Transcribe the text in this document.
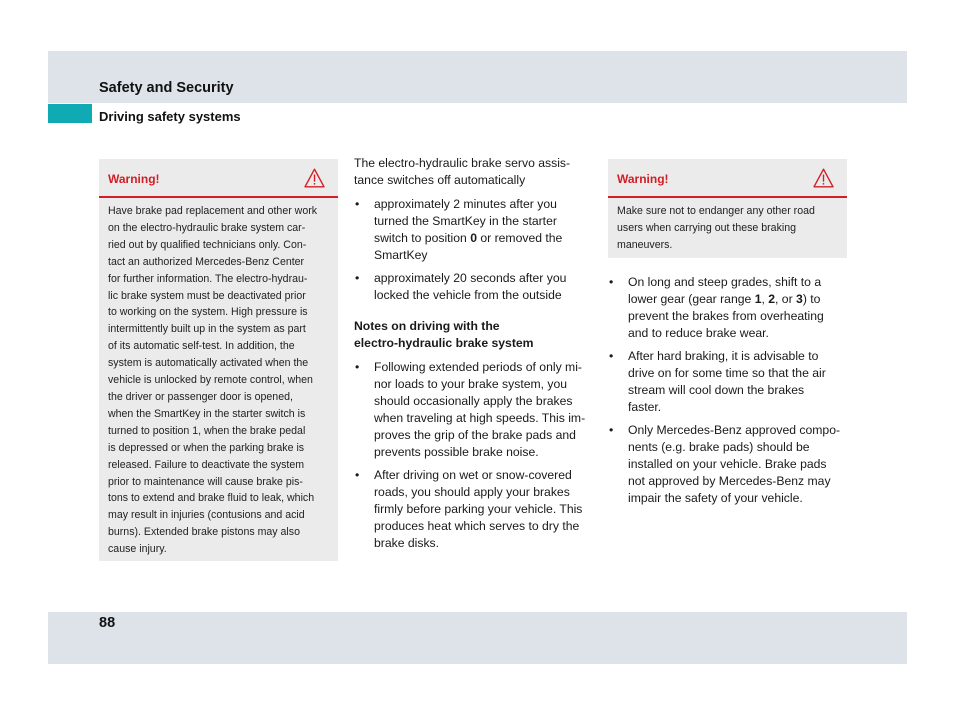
Safety and Security
Driving safety systems
Warning!
Have brake pad replacement and other work
on the electro-hydraulic brake system car-
ried out by qualified technicians only. Con-
tact an authorized Mercedes-Benz Center
for further information. The electro-hydrau-
lic brake system must be deactivated prior
to working on the system. High pressure is
intermittently built up in the system as part
of its automatic self-test. In addition, the
system is automatically activated when the
vehicle is unlocked by remote control, when
the driver or passenger door is opened,
when the SmartKey in the starter switch is
turned to position 1, when the brake pedal
is depressed or when the parking brake is
released. Failure to deactivate the system
prior to maintenance will cause brake pis-
tons to extend and brake fluid to leak, which
may result in injuries (contusions and acid
burns). Extended brake pistons may also
cause injury.

The electro-hydraulic brake servo assis-
tance switches off automatically

• approximately 2 minutes after you
turned the SmartKey in the starter
switch to position 0 or removed the
SmartKey
• approximately 20 seconds after you
locked the vehicle from the outside
Notes on driving with the
electro-hydraulic brake system
• Following extended periods of only mi-
nor loads to your brake system, you
should occasionally apply the brakes
when traveling at high speeds. This im-
proves the grip of the brake pads and
prevents possible brake noise.
• After driving on wet or snow-covered
roads, you should apply your brakes
firmly before parking your vehicle. This
produces heat which serves to dry the
brake disks.
Warning!
Make sure not to endanger any other road
users when carrying out these braking
maneuvers.
• On long and steep grades, shift to a
lower gear (gear range 1, 2, or 3) to
prevent the brakes from overheating
and to reduce brake wear.
• After hard braking, it is advisable to
drive on for some time so that the air
stream will cool down the brakes
faster.
• Only Mercedes-Benz approved compo-
nents (e.g. brake pads) should be
installed on your vehicle. Brake pads
not approved by Mercedes-Benz may
impair the safety of your vehicle.
88
